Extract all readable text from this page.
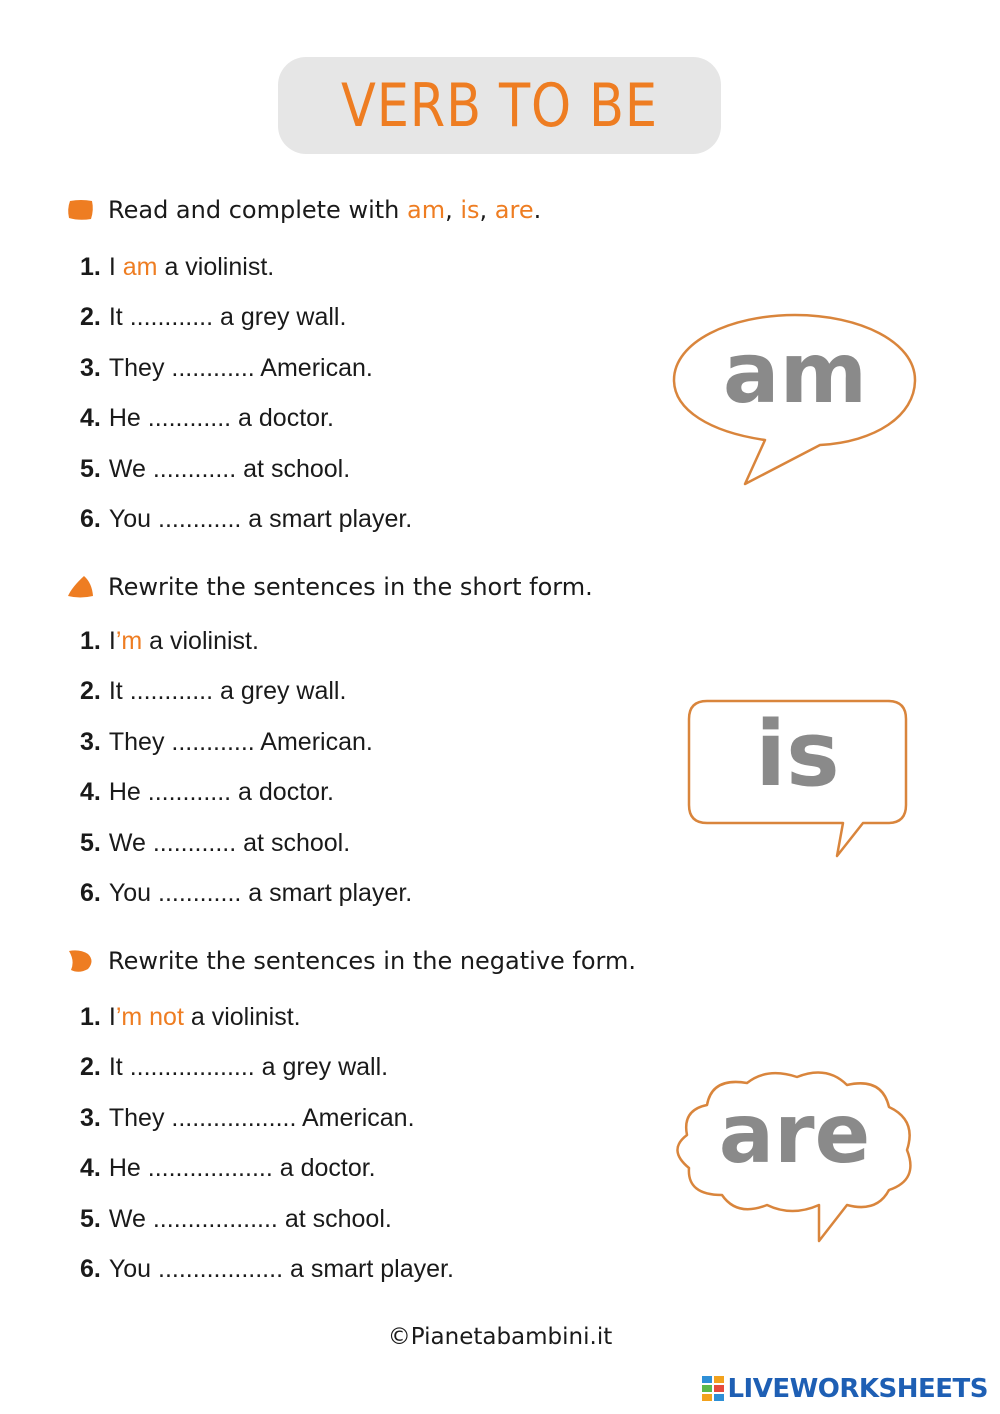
VERB TO BE
Read and complete with am, is, are.
1. I am a violinist.
2. It ............ a grey wall.
3. They ............ American.
4. He ............ a doctor.
5. We ............ at school.
6. You ............ a smart player.
Rewrite the sentences in the short form.
1. I’m a violinist.
2. It ............ a grey wall.
3. They ............ American.
4. He ............ a doctor.
5. We ............ at school.
6. You ............ a smart player.
Rewrite the sentences in the negative form.
1. I’m not a violinist.
2. It .................. a grey wall.
3. They .................. American.
4. He .................. a doctor.
5. We .................. at school.
6. You .................. a smart player.
am
is
are
©Pianetabambini.it
LIVEWORKSHEETS
